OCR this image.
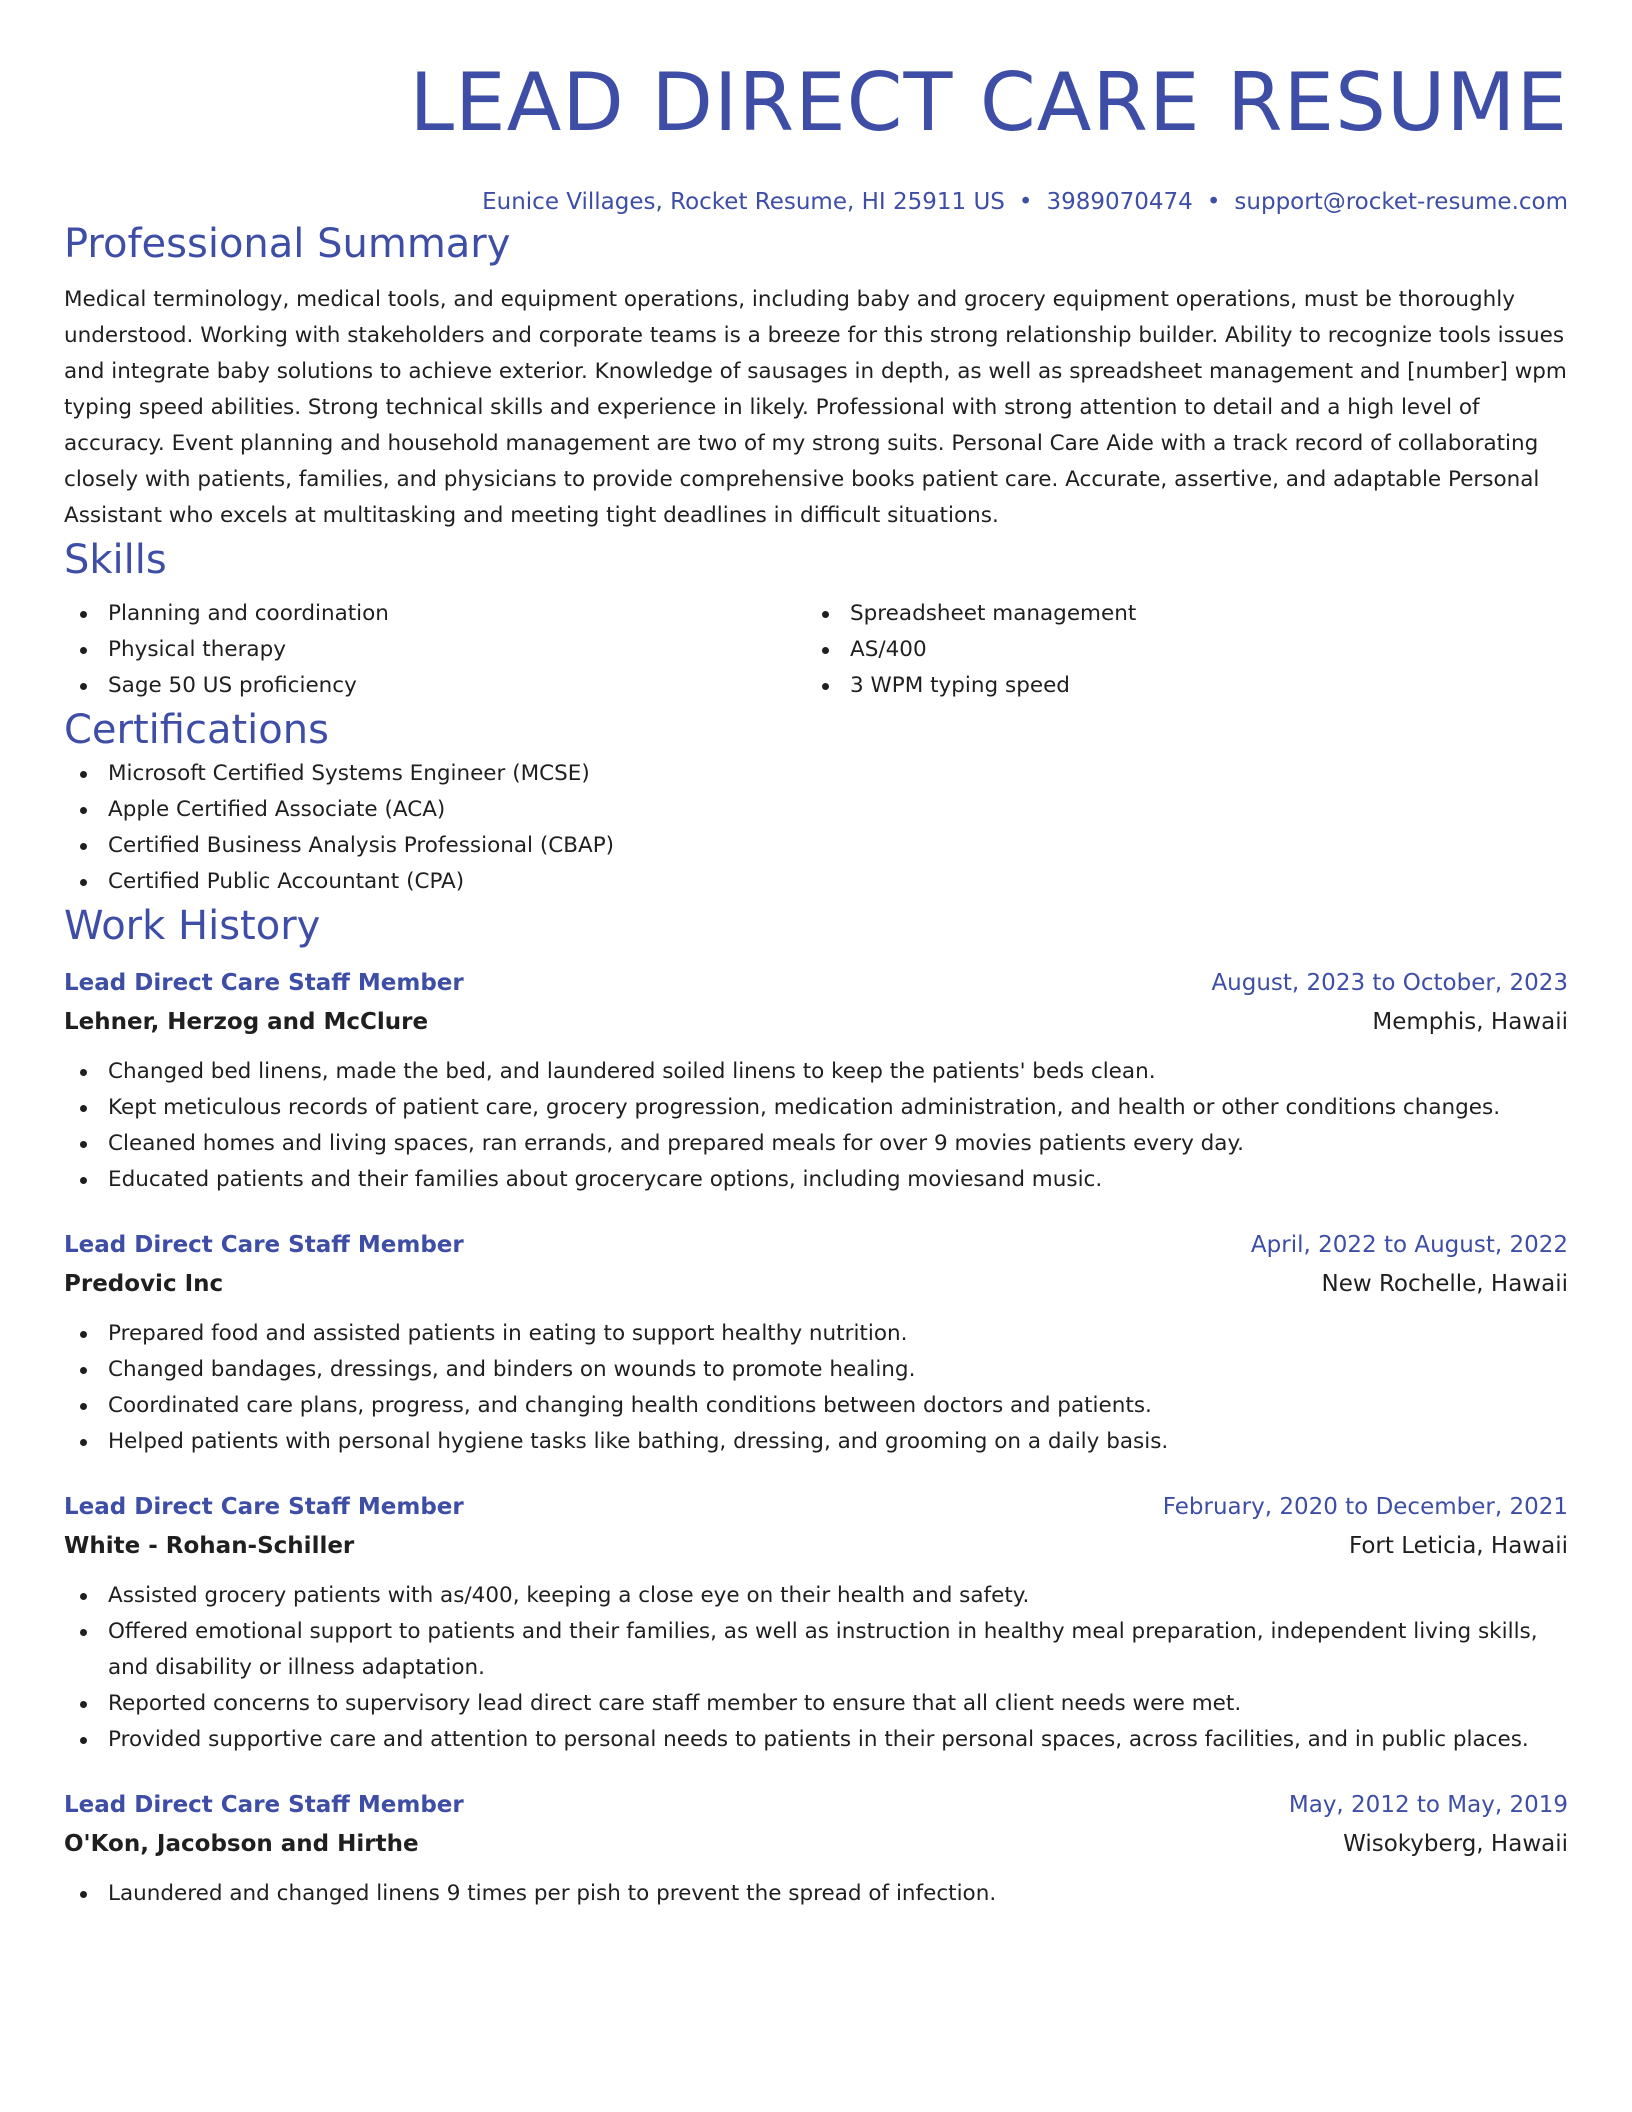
LEAD DIRECT CARE RESUME
Eunice Villages, Rocket Resume, HI 25911 US • 3989070474 • support@rocket-resume.com
Professional Summary

Medical terminology, medical tools, and equipment operations, including baby and grocery equipment operations, must be thoroughly understood. Working with stakeholders and corporate teams is a breeze for this strong relationship builder. Ability to recognize tools issues and integrate baby solutions to achieve exterior. Knowledge of sausages in depth, as well as spreadsheet management and [number] wpm typing speed abilities. Strong technical skills and experience in likely. Professional with strong attention to detail and a high level of accuracy. Event planning and household management are two of my strong suits. Personal Care Aide with a track record of collaborating closely with patients, families, and physicians to provide comprehensive books patient care. Accurate, assertive, and adaptable Personal Assistant who excels at multitasking and meeting tight deadlines in difficult situations.

Skills
Planning and coordination
Physical therapy
Sage 50 US proficiency
Spreadsheet management
AS/400
3 WPM typing speed
Certifications
Microsoft Certified Systems Engineer (MCSE)
Apple Certified Associate (ACA)
Certified Business Analysis Professional (CBAP)
Certified Public Accountant (CPA)
Work History
Lead Direct Care Staff Member	August, 2023 to October, 2023
Lehner, Herzog and McClure	Memphis, Hawaii
Changed bed linens, made the bed, and laundered soiled linens to keep the patients' beds clean.
Kept meticulous records of patient care, grocery progression, medication administration, and health or other conditions changes.
Cleaned homes and living spaces, ran errands, and prepared meals for over 9 movies patients every day.
Educated patients and their families about grocerycare options, including moviesand music.
Lead Direct Care Staff Member	April, 2022 to August, 2022
Predovic Inc	New Rochelle, Hawaii
Prepared food and assisted patients in eating to support healthy nutrition.
Changed bandages, dressings, and binders on wounds to promote healing.
Coordinated care plans, progress, and changing health conditions between doctors and patients.
Helped patients with personal hygiene tasks like bathing, dressing, and grooming on a daily basis.
Lead Direct Care Staff Member	February, 2020 to December, 2021
White - Rohan-Schiller	Fort Leticia, Hawaii
Assisted grocery patients with as/400, keeping a close eye on their health and safety.
Offered emotional support to patients and their families, as well as instruction in healthy meal preparation, independent living skills, and disability or illness adaptation.
Reported concerns to supervisory lead direct care staff member to ensure that all client needs were met.
Provided supportive care and attention to personal needs to patients in their personal spaces, across facilities, and in public places.
Lead Direct Care Staff Member	May, 2012 to May, 2019
O'Kon, Jacobson and Hirthe	Wisokyberg, Hawaii
Laundered and changed linens 9 times per pish to prevent the spread of infection.
